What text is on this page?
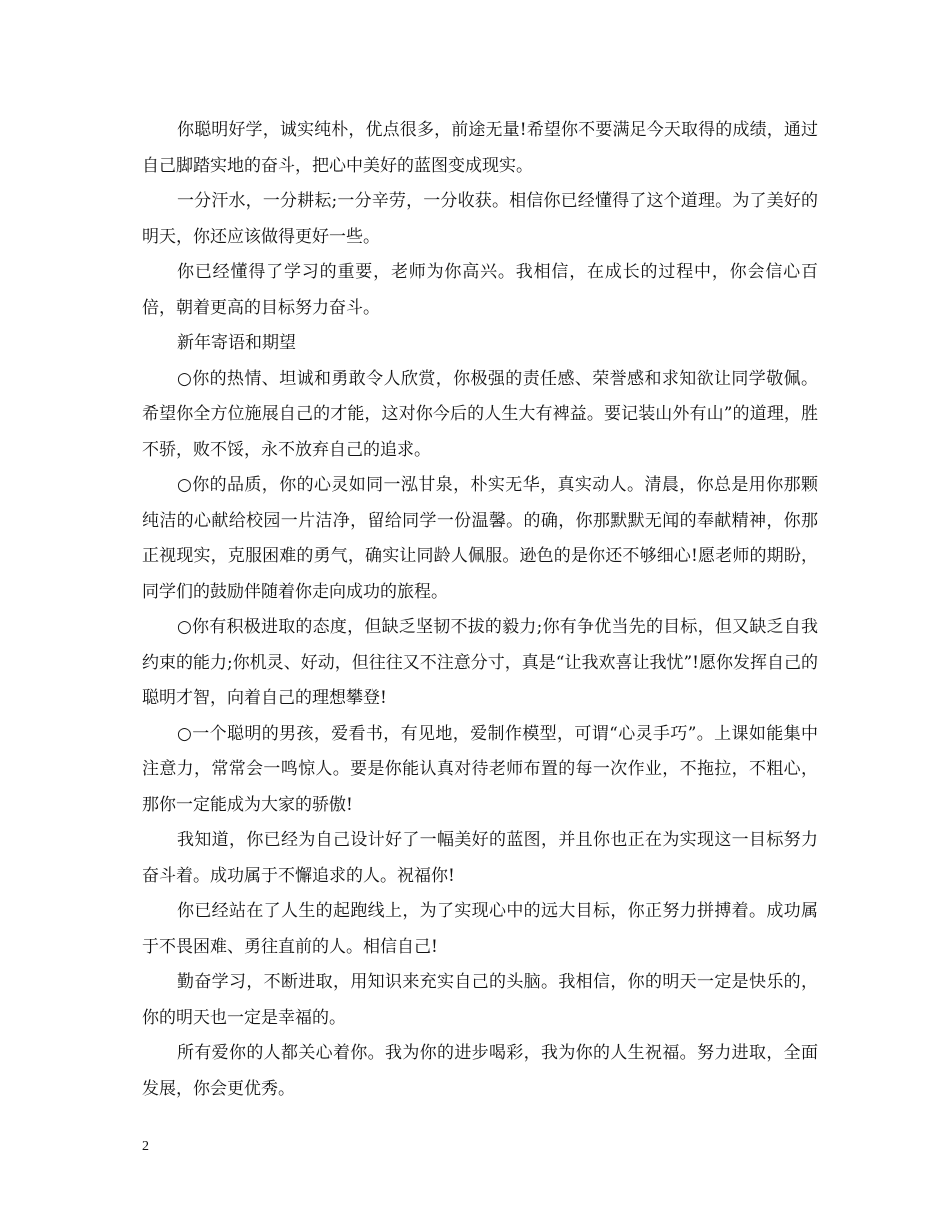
你聪明好学，诚实纯朴，优点很多，前途无量!希望你不要满足今天取得的成绩，通过自己脚踏实地的奋斗，把心中美好的蓝图变成现实。

一分汗水，一分耕耘;一分辛劳，一分收获。相信你已经懂得了这个道理。为了美好的明天，你还应该做得更好一些。

你已经懂得了学习的重要，老师为你高兴。我相信，在成长的过程中，你会信心百倍，朝着更高的目标努力奋斗。

新年寄语和期望

○你的热情、坦诚和勇敢令人欣赏，你极强的责任感、荣誉感和求知欲让同学敬佩。希望你全方位施展自己的才能，这对你今后的人生大有裨益。要记装山外有山”的道理，胜不骄，败不馁，永不放弃自己的追求。

○你的品质，你的心灵如同一泓甘泉，朴实无华，真实动人。清晨，你总是用你那颗纯洁的心献给校园一片洁净，留给同学一份温馨。的确，你那默默无闻的奉献精神，你那正视现实，克服困难的勇气，确实让同龄人佩服。逊色的是你还不够细心!愿老师的期盼，同学们的鼓励伴随着你走向成功的旅程。

○你有积极进取的态度，但缺乏坚韧不拔的毅力;你有争优当先的目标，但又缺乏自我约束的能力;你机灵、好动，但往往又不注意分寸，真是“让我欢喜让我忧”!愿你发挥自己的聪明才智，向着自己的理想攀登!

○一个聪明的男孩，爱看书，有见地，爱制作模型，可谓“心灵手巧”。上课如能集中注意力，常常会一鸣惊人。要是你能认真对待老师布置的每一次作业，不拖拉，不粗心，那你一定能成为大家的骄傲!

我知道，你已经为自己设计好了一幅美好的蓝图，并且你也正在为实现这一目标努力奋斗着。成功属于不懈追求的人。祝福你!

你已经站在了人生的起跑线上，为了实现心中的远大目标，你正努力拼搏着。成功属于不畏困难、勇往直前的人。相信自己!

勤奋学习，不断进取，用知识来充实自己的头脑。我相信，你的明天一定是快乐的，你的明天也一定是幸福的。

所有爱你的人都关心着你。我为你的进步喝彩，我为你的人生祝福。努力进取，全面发展，你会更优秀。

2
